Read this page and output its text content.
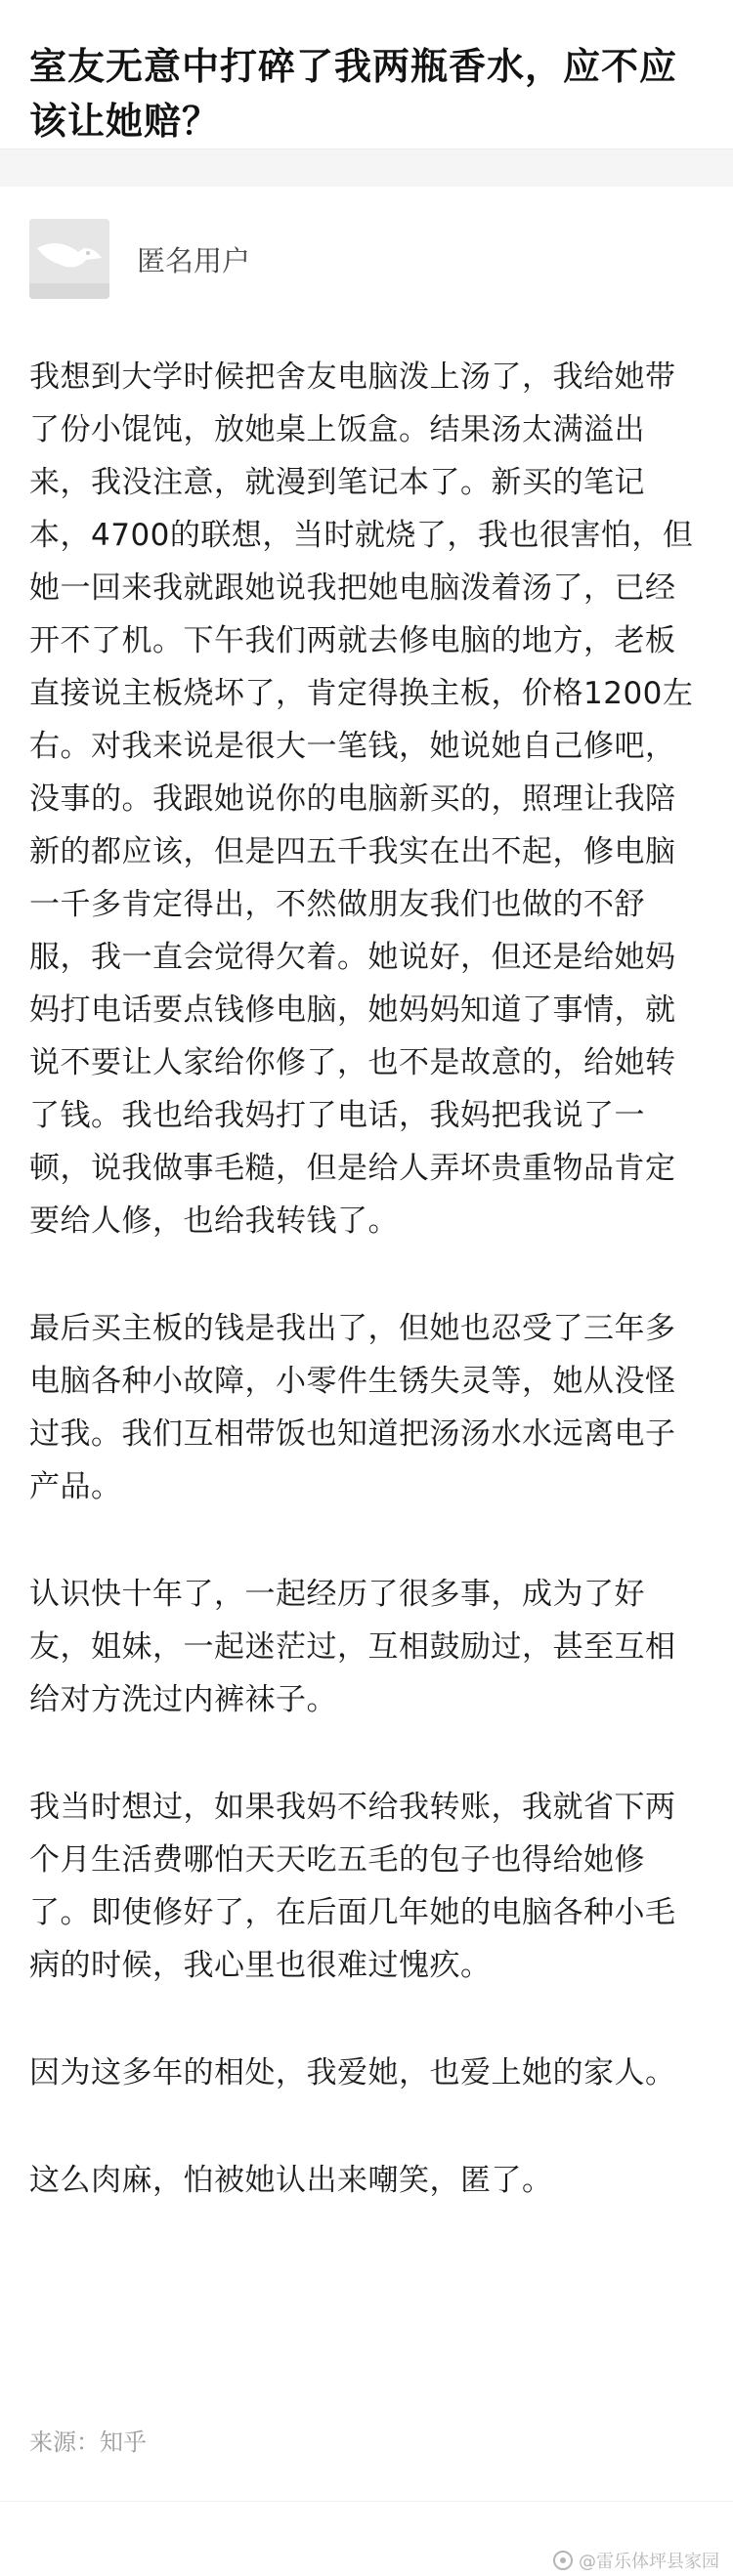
室友无意中打碎了我两瓶香水，应不应该让她赔？
匿名用户

我想到大学时候把舍友电脑泼上汤了，我给她带了份小馄饨，放她桌上饭盒。结果汤太满溢出来，我没注意，就漫到笔记本了。新买的笔记本，4700的联想，当时就烧了，我也很害怕，但她一回来我就跟她说我把她电脑泼着汤了，已经开不了机。下午我们两就去修电脑的地方，老板直接说主板烧坏了，肯定得换主板，价格1200左右。对我来说是很大一笔钱，她说她自己修吧，没事的。我跟她说你的电脑新买的，照理让我陪新的都应该，但是四五千我实在出不起，修电脑一千多肯定得出，不然做朋友我们也做的不舒服，我一直会觉得欠着。她说好，但还是给她妈妈打电话要点钱修电脑，她妈妈知道了事情，就说不要让人家给你修了，也不是故意的，给她转了钱。我也给我妈打了电话，我妈把我说了一顿，说我做事毛糙，但是给人弄坏贵重物品肯定要给人修，也给我转钱了。

最后买主板的钱是我出了，但她也忍受了三年多电脑各种小故障，小零件生锈失灵等，她从没怪过我。我们互相带饭也知道把汤汤水水远离电子产品。

认识快十年了，一起经历了很多事，成为了好友，姐妹，一起迷茫过，互相鼓励过，甚至互相给对方洗过内裤袜子。

我当时想过，如果我妈不给我转账，我就省下两个月生活费哪怕天天吃五毛的包子也得给她修了。即使修好了，在后面几年她的电脑各种小毛病的时候，我心里也很难过愧疚。

因为这多年的相处，我爱她，也爱上她的家人。

这么肉麻，怕被她认出来嘲笑，匿了。

来源：知乎
@雷乐体坪县家园
